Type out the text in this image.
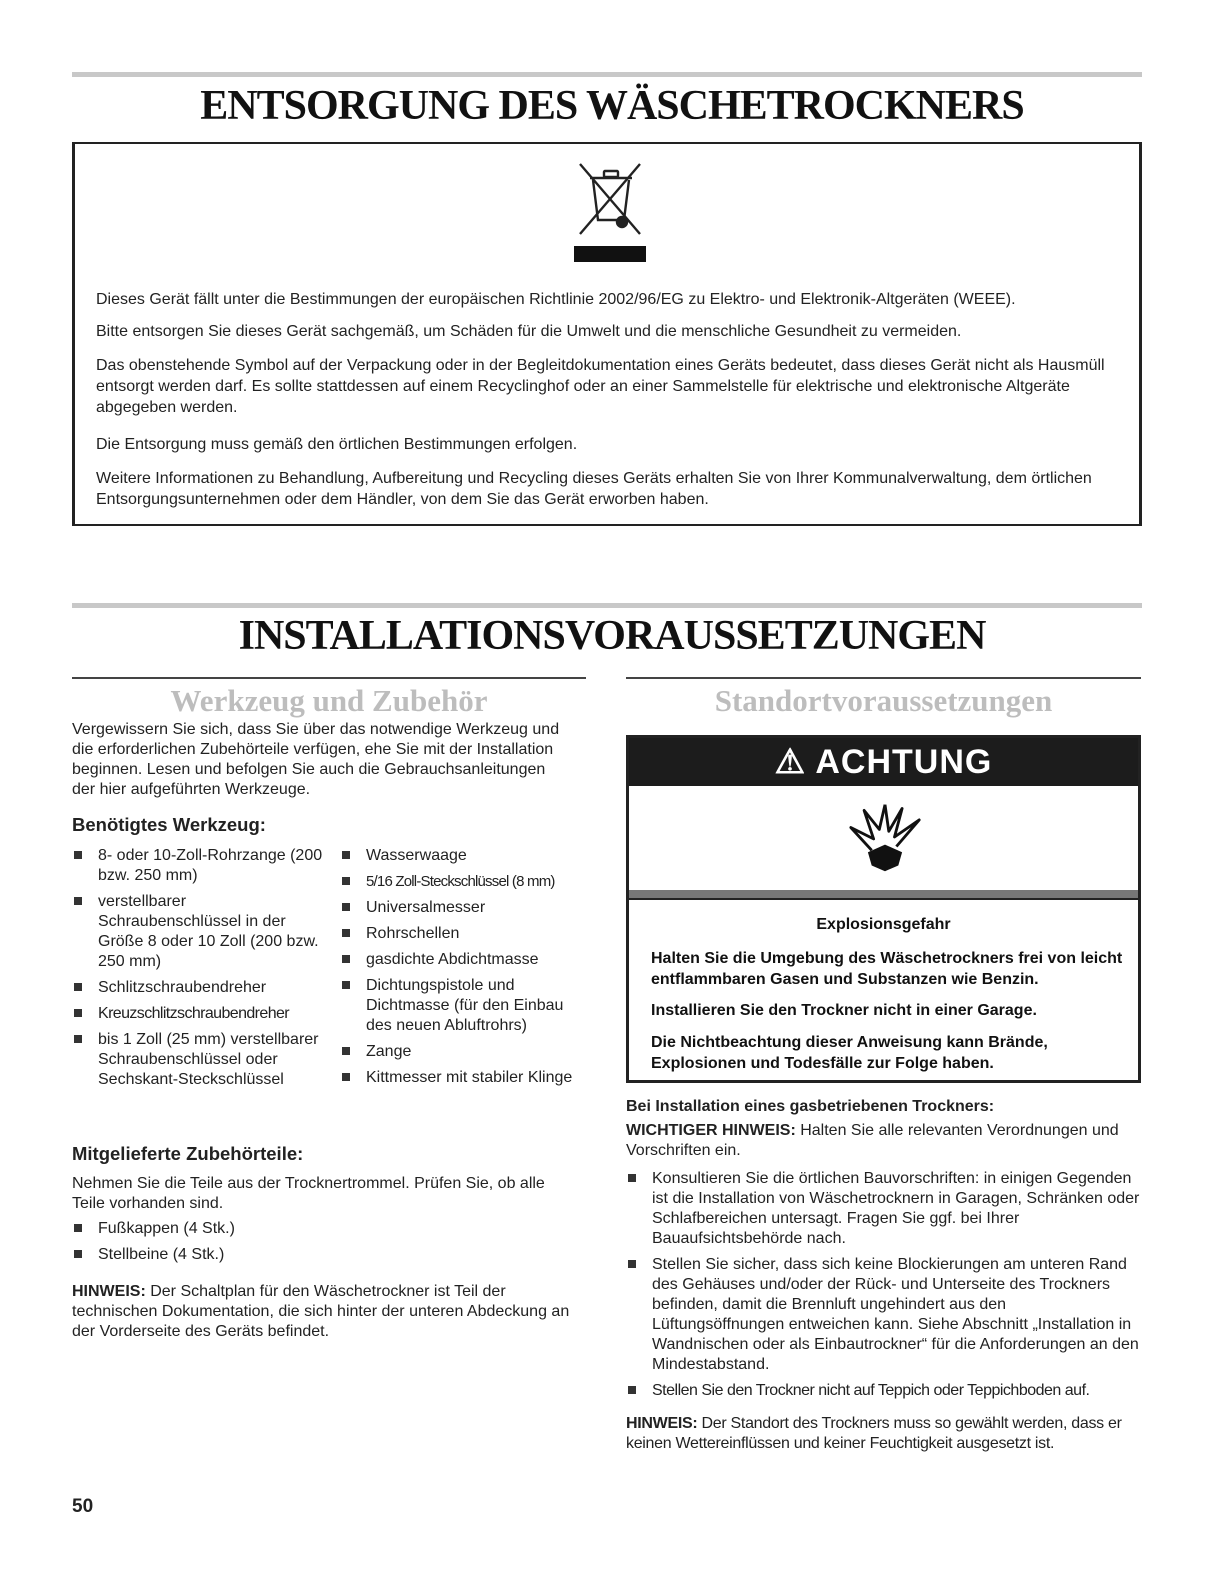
ENTSORGUNG DES WÄSCHETROCKNERS

Dieses Gerät fällt unter die Bestimmungen der europäischen Richtlinie 2002/96/EG zu Elektro- und Elektronik-Altgeräten (WEEE).

Bitte entsorgen Sie dieses Gerät sachgemäß, um Schäden für die Umwelt und die menschliche Gesundheit zu vermeiden.

Das obenstehende Symbol auf der Verpackung oder in der Begleitdokumentation eines Geräts bedeutet, dass dieses Gerät nicht als Hausmüll entsorgt werden darf. Es sollte stattdessen auf einem Recyclinghof oder an einer Sammelstelle für elektrische und elektronische Altgeräte abgegeben werden.

Die Entsorgung muss gemäß den örtlichen Bestimmungen erfolgen.

Weitere Informationen zu Behandlung, Aufbereitung und Recycling dieses Geräts erhalten Sie von Ihrer Kommunalverwaltung, dem örtlichen Entsorgungsunternehmen oder dem Händler, von dem Sie das Gerät erworben haben.

INSTALLATIONSVORAUSSETZUNGEN
Werkzeug und Zubehör

Vergewissern Sie sich, dass Sie über das notwendige Werkzeug und die erforderlichen Zubehörteile verfügen, ehe Sie mit der Installation beginnen. Lesen und befolgen Sie auch die Gebrauchsanleitungen der hier aufgeführten Werkzeuge.

Benötigtes Werkzeug:
8- oder 10-Zoll-Rohrzange (200 bzw. 250 mm)
verstellbarer Schraubenschlüssel in der Größe 8 oder 10 Zoll (200 bzw. 250 mm)
Schlitzschraubendreher
Kreuzschlitzschraubendreher
bis 1 Zoll (25 mm) verstellbarer Schraubenschlüssel oder Sechskant-Steckschlüssel
Wasserwaage
5/16 Zoll-Steckschlüssel (8 mm)
Universalmesser
Rohrschellen
gasdichte Abdichtmasse
Dichtungspistole und Dichtmasse (für den Einbau des neuen Abluftrohrs)
Zange
Kittmesser mit stabiler Klinge
Mitgelieferte Zubehörteile:

Nehmen Sie die Teile aus der Trocknertrommel. Prüfen Sie, ob alle Teile vorhanden sind.

Fußkappen (4 Stk.)
Stellbeine (4 Stk.)

HINWEIS: Der Schaltplan für den Wäschetrockner ist Teil der technischen Dokumentation, die sich hinter der unteren Abdeckung an der Vorderseite des Geräts befindet.

Standortvoraussetzungen
⚠ ACHTUNG

Explosionsgefahr

Halten Sie die Umgebung des Wäschetrockners frei von leicht entflammbaren Gasen und Substanzen wie Benzin.

Installieren Sie den Trockner nicht in einer Garage.

Die Nichtbeachtung dieser Anweisung kann Brände, Explosionen und Todesfälle zur Folge haben.

Bei Installation eines gasbetriebenen Trockners:

WICHTIGER HINWEIS: Halten Sie alle relevanten Verordnungen und Vorschriften ein.

Konsultieren Sie die örtlichen Bauvorschriften: in einigen Gegenden ist die Installation von Wäschetrocknern in Garagen, Schränken oder Schlafbereichen untersagt. Fragen Sie ggf. bei Ihrer Bauaufsichtsbehörde nach.
Stellen Sie sicher, dass sich keine Blockierungen am unteren Rand des Gehäuses und/oder der Rück- und Unterseite des Trockners befinden, damit die Brennluft ungehindert aus den Lüftungsöffnungen entweichen kann. Siehe Abschnitt „Installation in Wandnischen oder als Einbautrockner“ für die Anforderungen an den Mindestabstand.
Stellen Sie den Trockner nicht auf Teppich oder Teppichboden auf.

HINWEIS: Der Standort des Trockners muss so gewählt werden, dass er keinen Wettereinflüssen und keiner Feuchtigkeit ausgesetzt ist.

50
